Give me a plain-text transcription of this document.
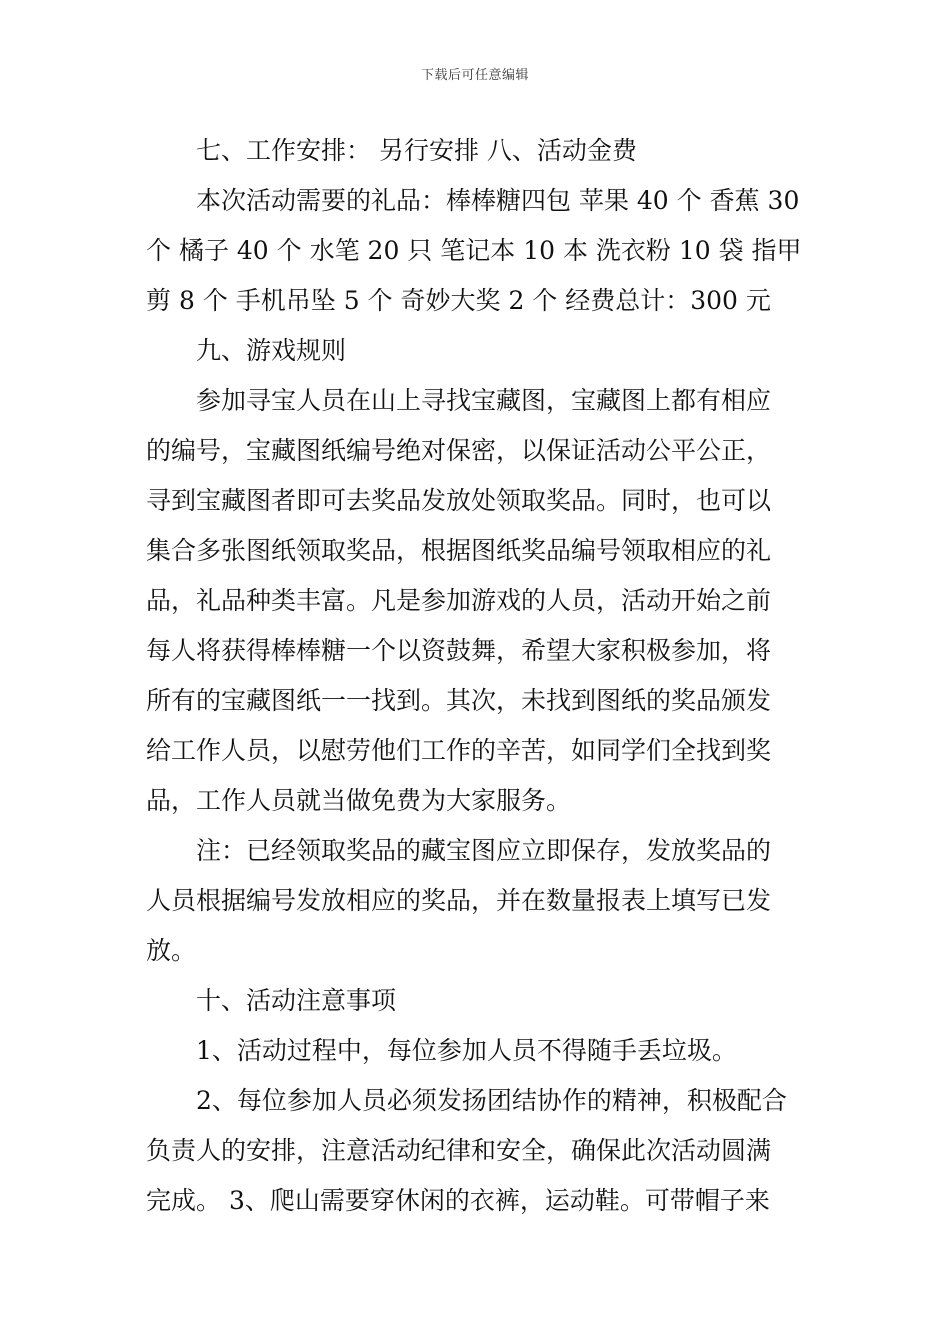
下载后可任意编辑
七、工作安排： 另行安排 八、活动金费
本次活动需要的礼品：棒棒糖四包 苹果 40 个 香蕉 30
个 橘子 40 个 水笔 20 只 笔记本 10 本 洗衣粉 10 袋 指甲
剪 8 个 手机吊坠 5 个 奇妙大奖 2 个 经费总计：300 元
九、游戏规则
参加寻宝人员在山上寻找宝藏图，宝藏图上都有相应
的编号，宝藏图纸编号绝对保密，以保证活动公平公正，
寻到宝藏图者即可去奖品发放处领取奖品。同时，也可以
集合多张图纸领取奖品，根据图纸奖品编号领取相应的礼
品，礼品种类丰富。凡是参加游戏的人员，活动开始之前
每人将获得棒棒糖一个以资鼓舞，希望大家积极参加，将
所有的宝藏图纸一一找到。其次，未找到图纸的奖品颁发
给工作人员，以慰劳他们工作的辛苦，如同学们全找到奖
品，工作人员就当做免费为大家服务。
注：已经领取奖品的藏宝图应立即保存，发放奖品的
人员根据编号发放相应的奖品，并在数量报表上填写已发
放。
十、活动注意事项
1、活动过程中，每位参加人员不得随手丢垃圾。
2、每位参加人员必须发扬团结协作的精神，积极配合
负责人的安排，注意活动纪律和安全，确保此次活动圆满
完成。 3、爬山需要穿休闲的衣裤，运动鞋。可带帽子来
